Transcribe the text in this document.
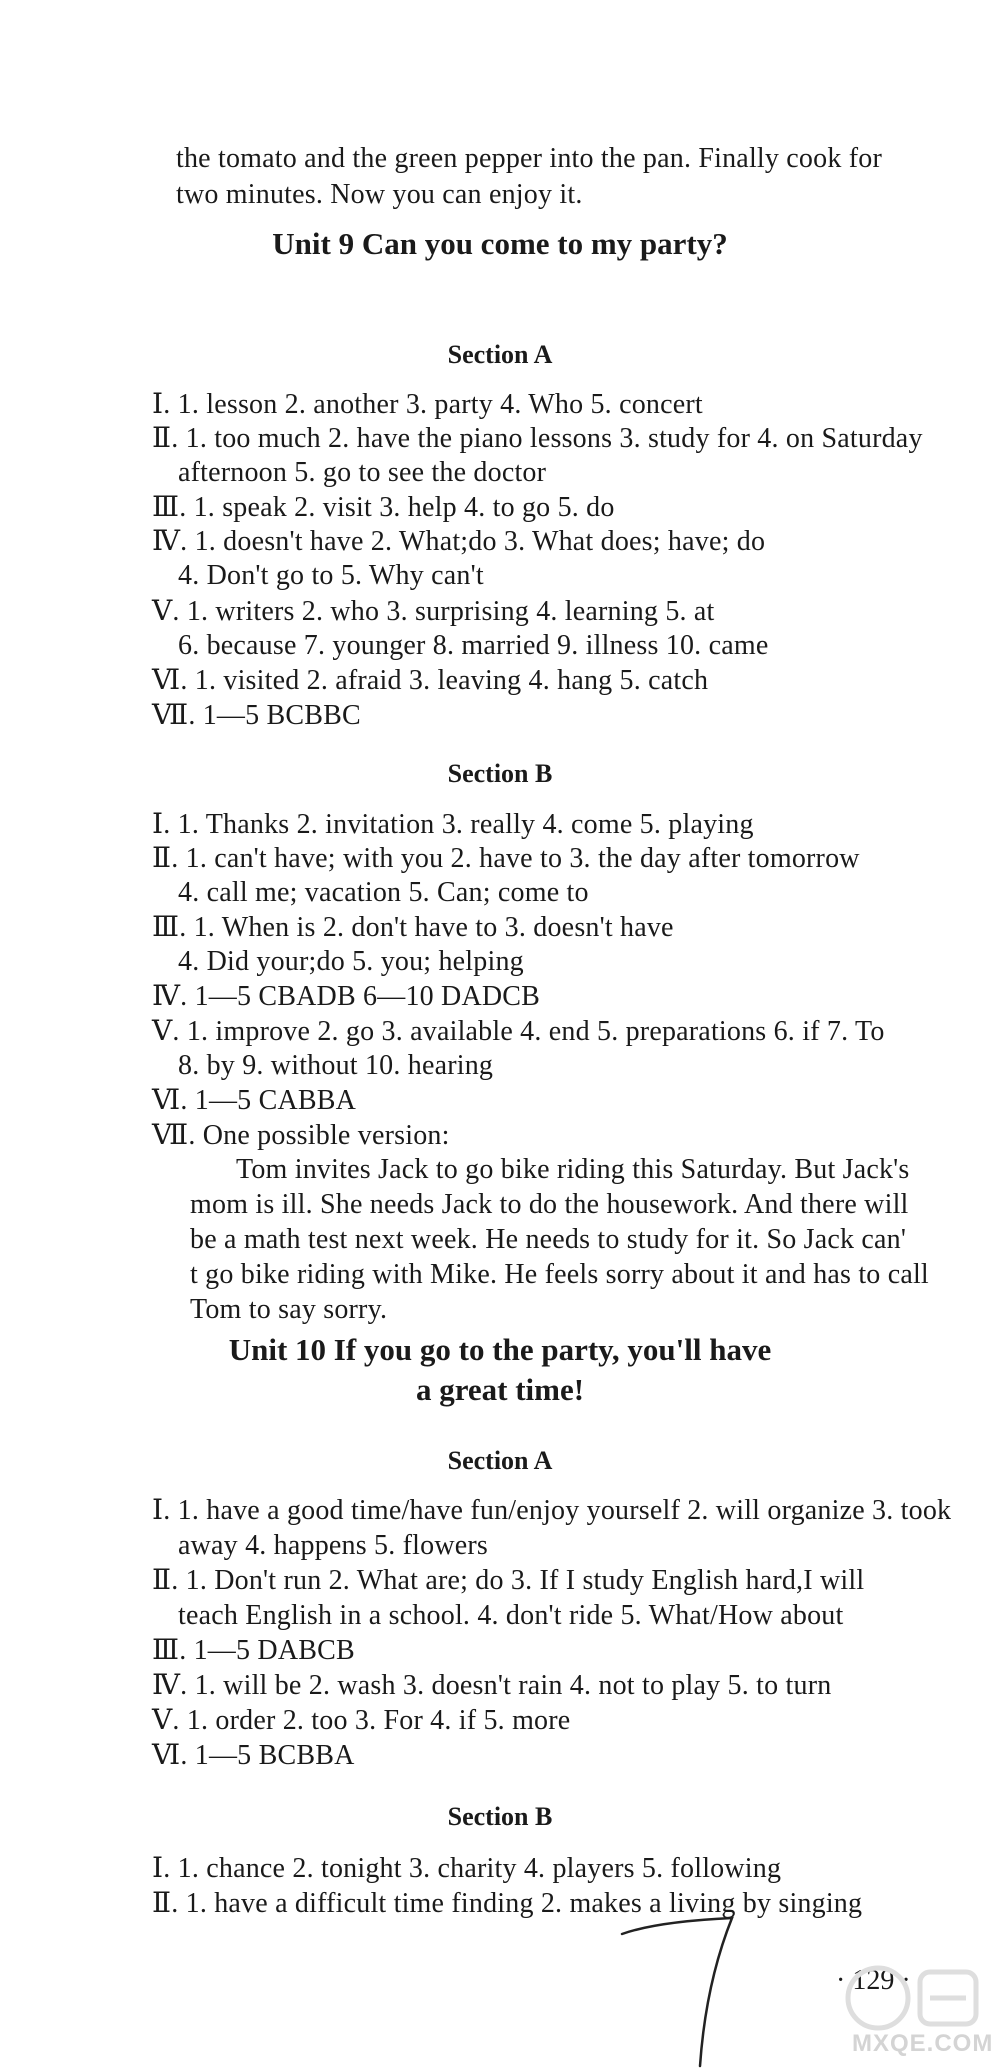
the tomato and the green pepper into the pan. Finally cook for
two minutes. Now you can enjoy it.
Unit 9 Can you come to my party?
Section A
Ⅰ. 1. lesson 2. another 3. party 4. Who 5. concert
Ⅱ. 1. too much 2. have the piano lessons 3. study for 4. on Saturday
afternoon 5. go to see the doctor
Ⅲ. 1. speak 2. visit 3. help 4. to go 5. do
Ⅳ. 1. doesn't have 2. What;do 3. What does; have; do
4. Don't go to 5. Why can't
Ⅴ. 1. writers 2. who 3. surprising 4. learning 5. at
6. because 7. younger 8. married 9. illness 10. came
Ⅵ. 1. visited 2. afraid 3. leaving 4. hang 5. catch
Ⅶ. 1—5 BCBBC
Section B
Ⅰ. 1. Thanks 2. invitation 3. really 4. come 5. playing
Ⅱ. 1. can't have; with you 2. have to 3. the day after tomorrow
4. call me; vacation 5. Can; come to
Ⅲ. 1. When is 2. don't have to 3. doesn't have
4. Did your;do 5. you; helping
Ⅳ. 1—5 CBADB 6—10 DADCB
Ⅴ. 1. improve 2. go 3. available 4. end 5. preparations 6. if 7. To
8. by 9. without 10. hearing
Ⅵ. 1—5 CABBA
Ⅶ. One possible version:
Tom invites Jack to go bike riding this Saturday. But Jack's
mom is ill. She needs Jack to do the housework. And there will
be a math test next week. He needs to study for it. So Jack can'
t go bike riding with Mike. He feels sorry about it and has to call
Tom to say sorry.
Unit 10 If you go to the party, you'll have
a great time!
Section A
Ⅰ. 1. have a good time/have fun/enjoy yourself 2. will organize 3. took
away 4. happens 5. flowers
Ⅱ. 1. Don't run 2. What are; do 3. If I study English hard,I will
teach English in a school. 4. don't ride 5. What/How about
Ⅲ. 1—5 DABCB
Ⅳ. 1. will be 2. wash 3. doesn't rain 4. not to play 5. to turn
Ⅴ. 1. order 2. too 3. For 4. if 5. more
Ⅵ. 1—5 BCBBA
Section B
Ⅰ. 1. chance 2. tonight 3. charity 4. players 5. following
Ⅱ. 1. have a difficult time finding 2. makes a living by singing
· 129 ·
MXQE.COM
